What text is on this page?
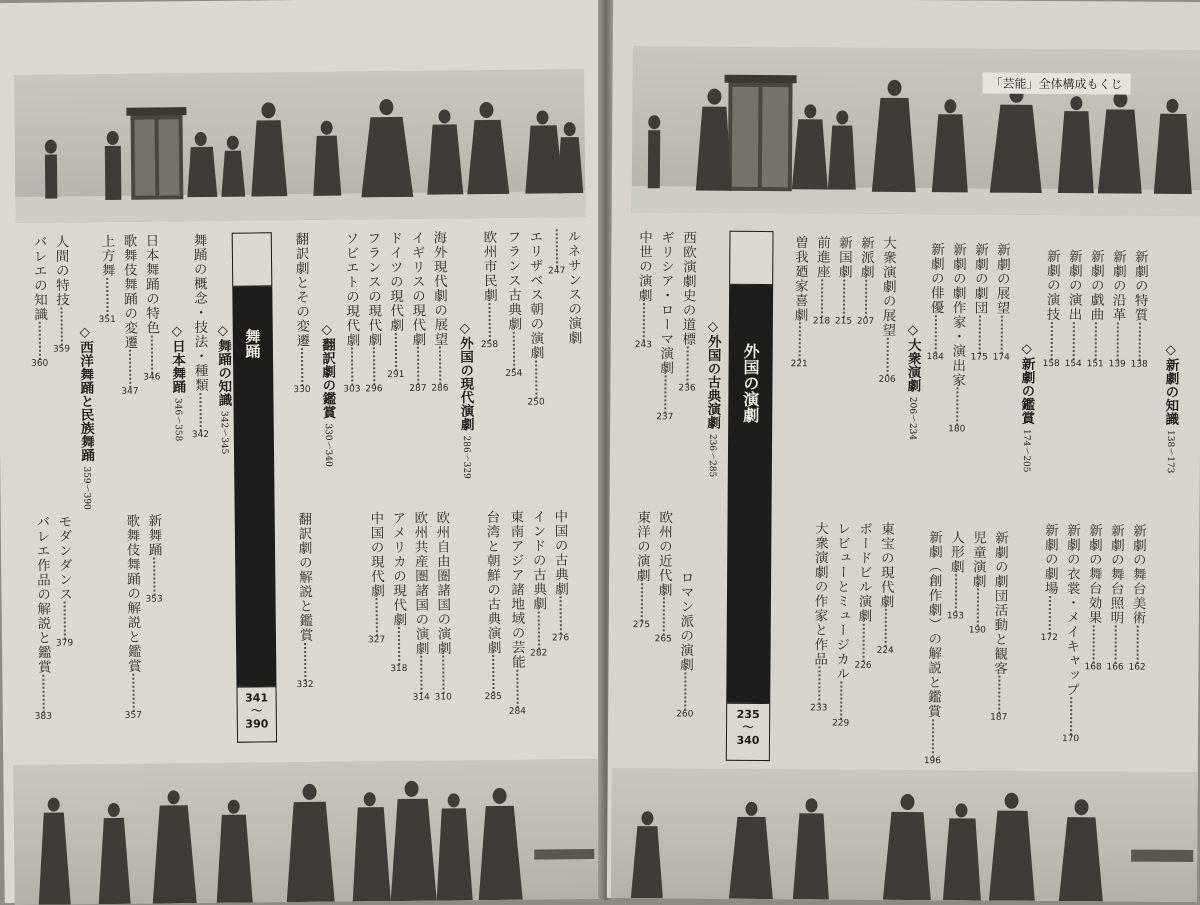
ルネサンスの演劇
247
エリザベス朝の演劇250
フランス古典劇254
欧州市民劇258
中国の古典劇276
インドの古典劇282
東南アジア諸地域の芸能284
台湾と朝鮮の古典演劇285
◇外国の現代演劇 286〜329
海外現代劇の展望286
イギリスの現代劇287
ドイツの現代劇291
フランスの現代劇296
ソビエトの現代劇303
欧州自由圏諸国の演劇310
欧州共産圏諸国の演劇314
アメリカの現代劇318
中国の現代劇327
◇翻訳劇の鑑賞 330〜340
翻訳劇とその変遷330
翻訳劇の解説と鑑賞332
舞踊
341
〜
390
◇舞踊の知識 342〜345
舞踊の概念・技法・種類342
◇日本舞踊 346〜358
日本舞踊の特色346
歌舞伎舞踊の変遷347
上方舞351
新舞踊353
歌舞伎舞踊の解説と鑑賞357
◇西洋舞踊と民族舞踊 359〜390
人間の特技359
バレエの知識360
モダンダンス379
バレエ作品の解説と鑑賞383
「芸能」全体構成もくじ
◇新劇の知識 138〜173
新劇の特質138
新劇の沿革139
新劇の戯曲151
新劇の演出154
新劇の演技158
新劇の舞台美術162
新劇の舞台照明166
新劇の舞台効果168
新劇の衣裳・メイキャップ170
新劇の劇場172
◇新劇の鑑賞 174〜205
新劇の展望174
新劇の劇団175
新劇の劇作家・演出家180
新劇の俳優184
新劇の劇団活動と観客187
児童演劇190
人形劇193
新劇（創作劇）の解説と鑑賞196
◇大衆演劇 206〜234
大衆演劇の展望206
新派劇207
新国劇215
前進座218
曽我廼家喜劇221
東宝の現代劇224
ボードビル演劇226
レビューとミュージカル229
大衆演劇の作家と作品233
外国の演劇
235
〜
340
◇外国の古典演劇 236〜285
西欧演劇史の道標236
ギリシア・ローマ演劇237
中世の演劇243
ロマン派の演劇260
欧州の近代劇265
東洋の演劇275
